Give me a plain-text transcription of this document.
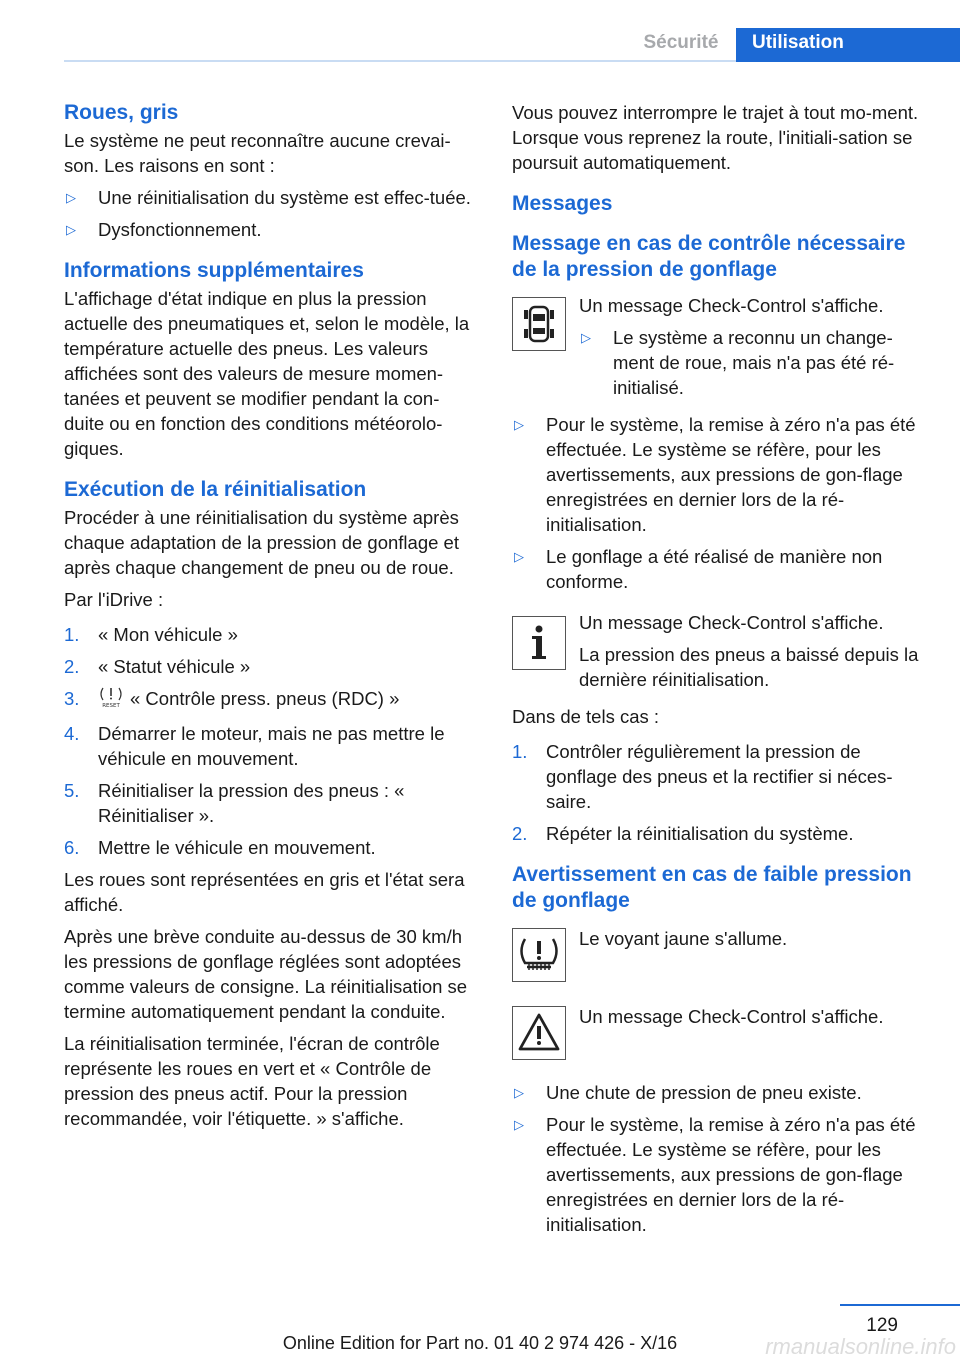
Sécurité	Utilisation
Roues, gris

Le système ne peut reconnaître aucune crevai-son. Les raisons en sont :

▷ Une réinitialisation du système est effec-tuée.
▷ Dysfonctionnement.
Informations supplémentaires

L'affichage d'état indique en plus la pression actuelle des pneumatiques et, selon le modèle, la température actuelle des pneus. Les valeurs affichées sont des valeurs de mesure momen-tanées et peuvent se modifier pendant la con-duite ou en fonction des conditions météorolo-giques.

Exécution de la réinitialisation

Procéder à une réinitialisation du système après chaque adaptation de la pression de gonflage et après chaque changement de pneu ou de roue.

Par l'iDrive :

1. « Mon véhicule »
2. « Statut véhicule »
3.	RESET « Contrôle press. pneus (RDC) »
4. Démarrer le moteur, mais ne pas mettre le véhicule en mouvement.
5. Réinitialiser la pression des pneus : « Réinitialiser ».
6. Mettre le véhicule en mouvement.

Les roues sont représentées en gris et l'état sera affiché.

Après une brève conduite au-dessus de 30 km/h les pressions de gonflage réglées sont adoptées comme valeurs de consigne. La réinitialisation se termine automatiquement pendant la conduite.

La réinitialisation terminée, l'écran de contrôle représente les roues en vert et « Contrôle de pression des pneus actif. Pour la pression recommandée, voir l'étiquette. » s'affiche.

Vous pouvez interrompre le trajet à tout mo-ment. Lorsque vous reprenez la route, l'initiali-sation se poursuit automatiquement.

Messages
Message en cas de contrôle nécessaire de la pression de gonflage

Un message Check-Control s'affiche.

▷ Le système a reconnu un change-ment de roue, mais n'a pas été ré-initialisé.
▷ Pour le système, la remise à zéro n'a pas été effectuée. Le système se réfère, pour les avertissements, aux pressions de gon-flage enregistrées en dernier lors de la ré-initialisation.
▷ Le gonflage a été réalisé de manière non conforme.

Un message Check-Control s'affiche.

La pression des pneus a baissé depuis la dernière réinitialisation.

Dans de tels cas :

1. Contrôler régulièrement la pression de gonflage des pneus et la rectifier si néces-saire.
2. Répéter la réinitialisation du système.
Avertissement en cas de faible pression de gonflage

Le voyant jaune s'allume.

Un message Check-Control s'affiche.

▷ Une chute de pression de pneu existe.
▷ Pour le système, la remise à zéro n'a pas été effectuée. Le système se réfère, pour les avertissements, aux pressions de gon-flage enregistrées en dernier lors de la ré-initialisation.
129
Online Edition for Part no. 01 40 2 974 426 - X/16	rmanualsonline.info
